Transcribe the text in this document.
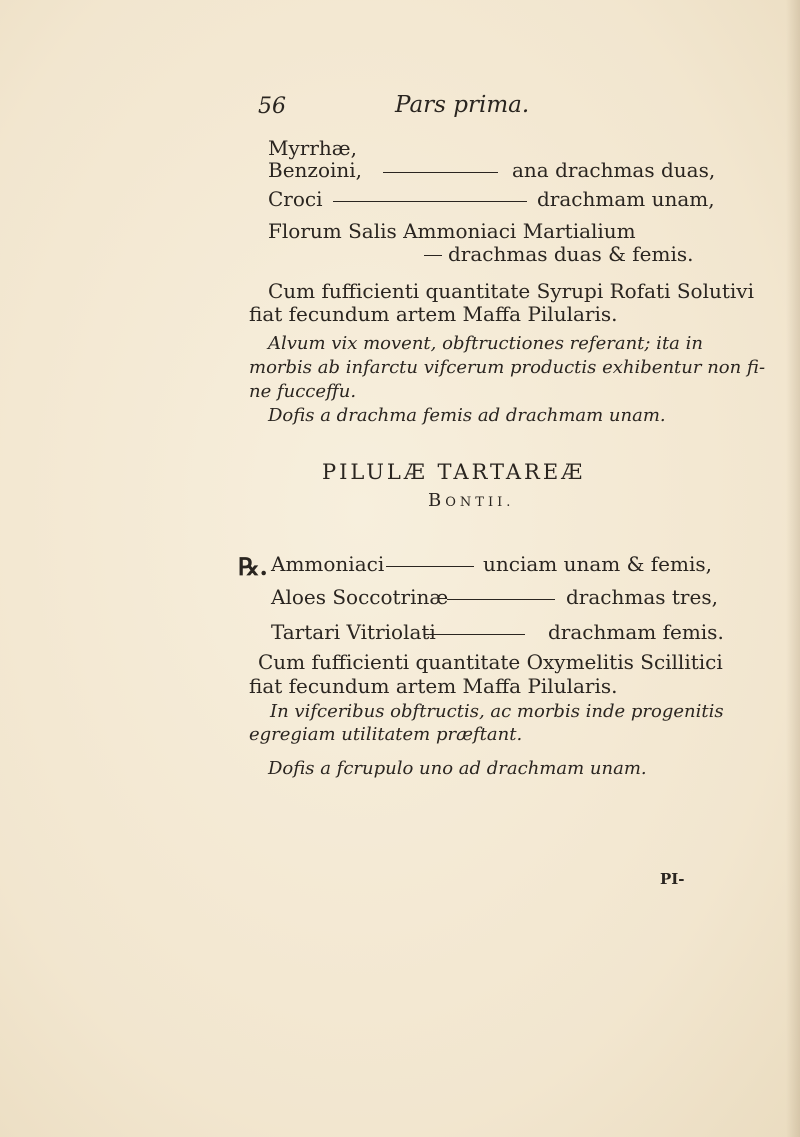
56	Pars prima.
Myrrhæ,
Benzoini,	ana drachmas duas,
Croci	drachmam unam,
Florum Salis Ammoniaci Martialium
drachmas duas & femis.
Cum fufficienti quantitate Syrupi Rofati Solutivi
fiat fecundum artem Maffa Pilularis.
Alvum vix movent, obftructiones referant; ita in
morbis ab infarctu vifcerum productis exhibentur non fi-
ne fucceffu.
Dofis a drachma femis ad drachmam unam.
PILULÆ TARTAREÆ
BONTII.
℞. Ammoniaci	unciam unam & femis,
Aloes Soccotrinæ	drachmas tres,
Tartari Vitriolati	drachmam femis.
Cum fufficienti quantitate Oxymelitis Scillitici
fiat fecundum artem Maffa Pilularis.
In vifceribus obftructis, ac morbis inde progenitis
egregiam utilitatem præftant.
Dofis a fcrupulo uno ad drachmam unam.
PI-
